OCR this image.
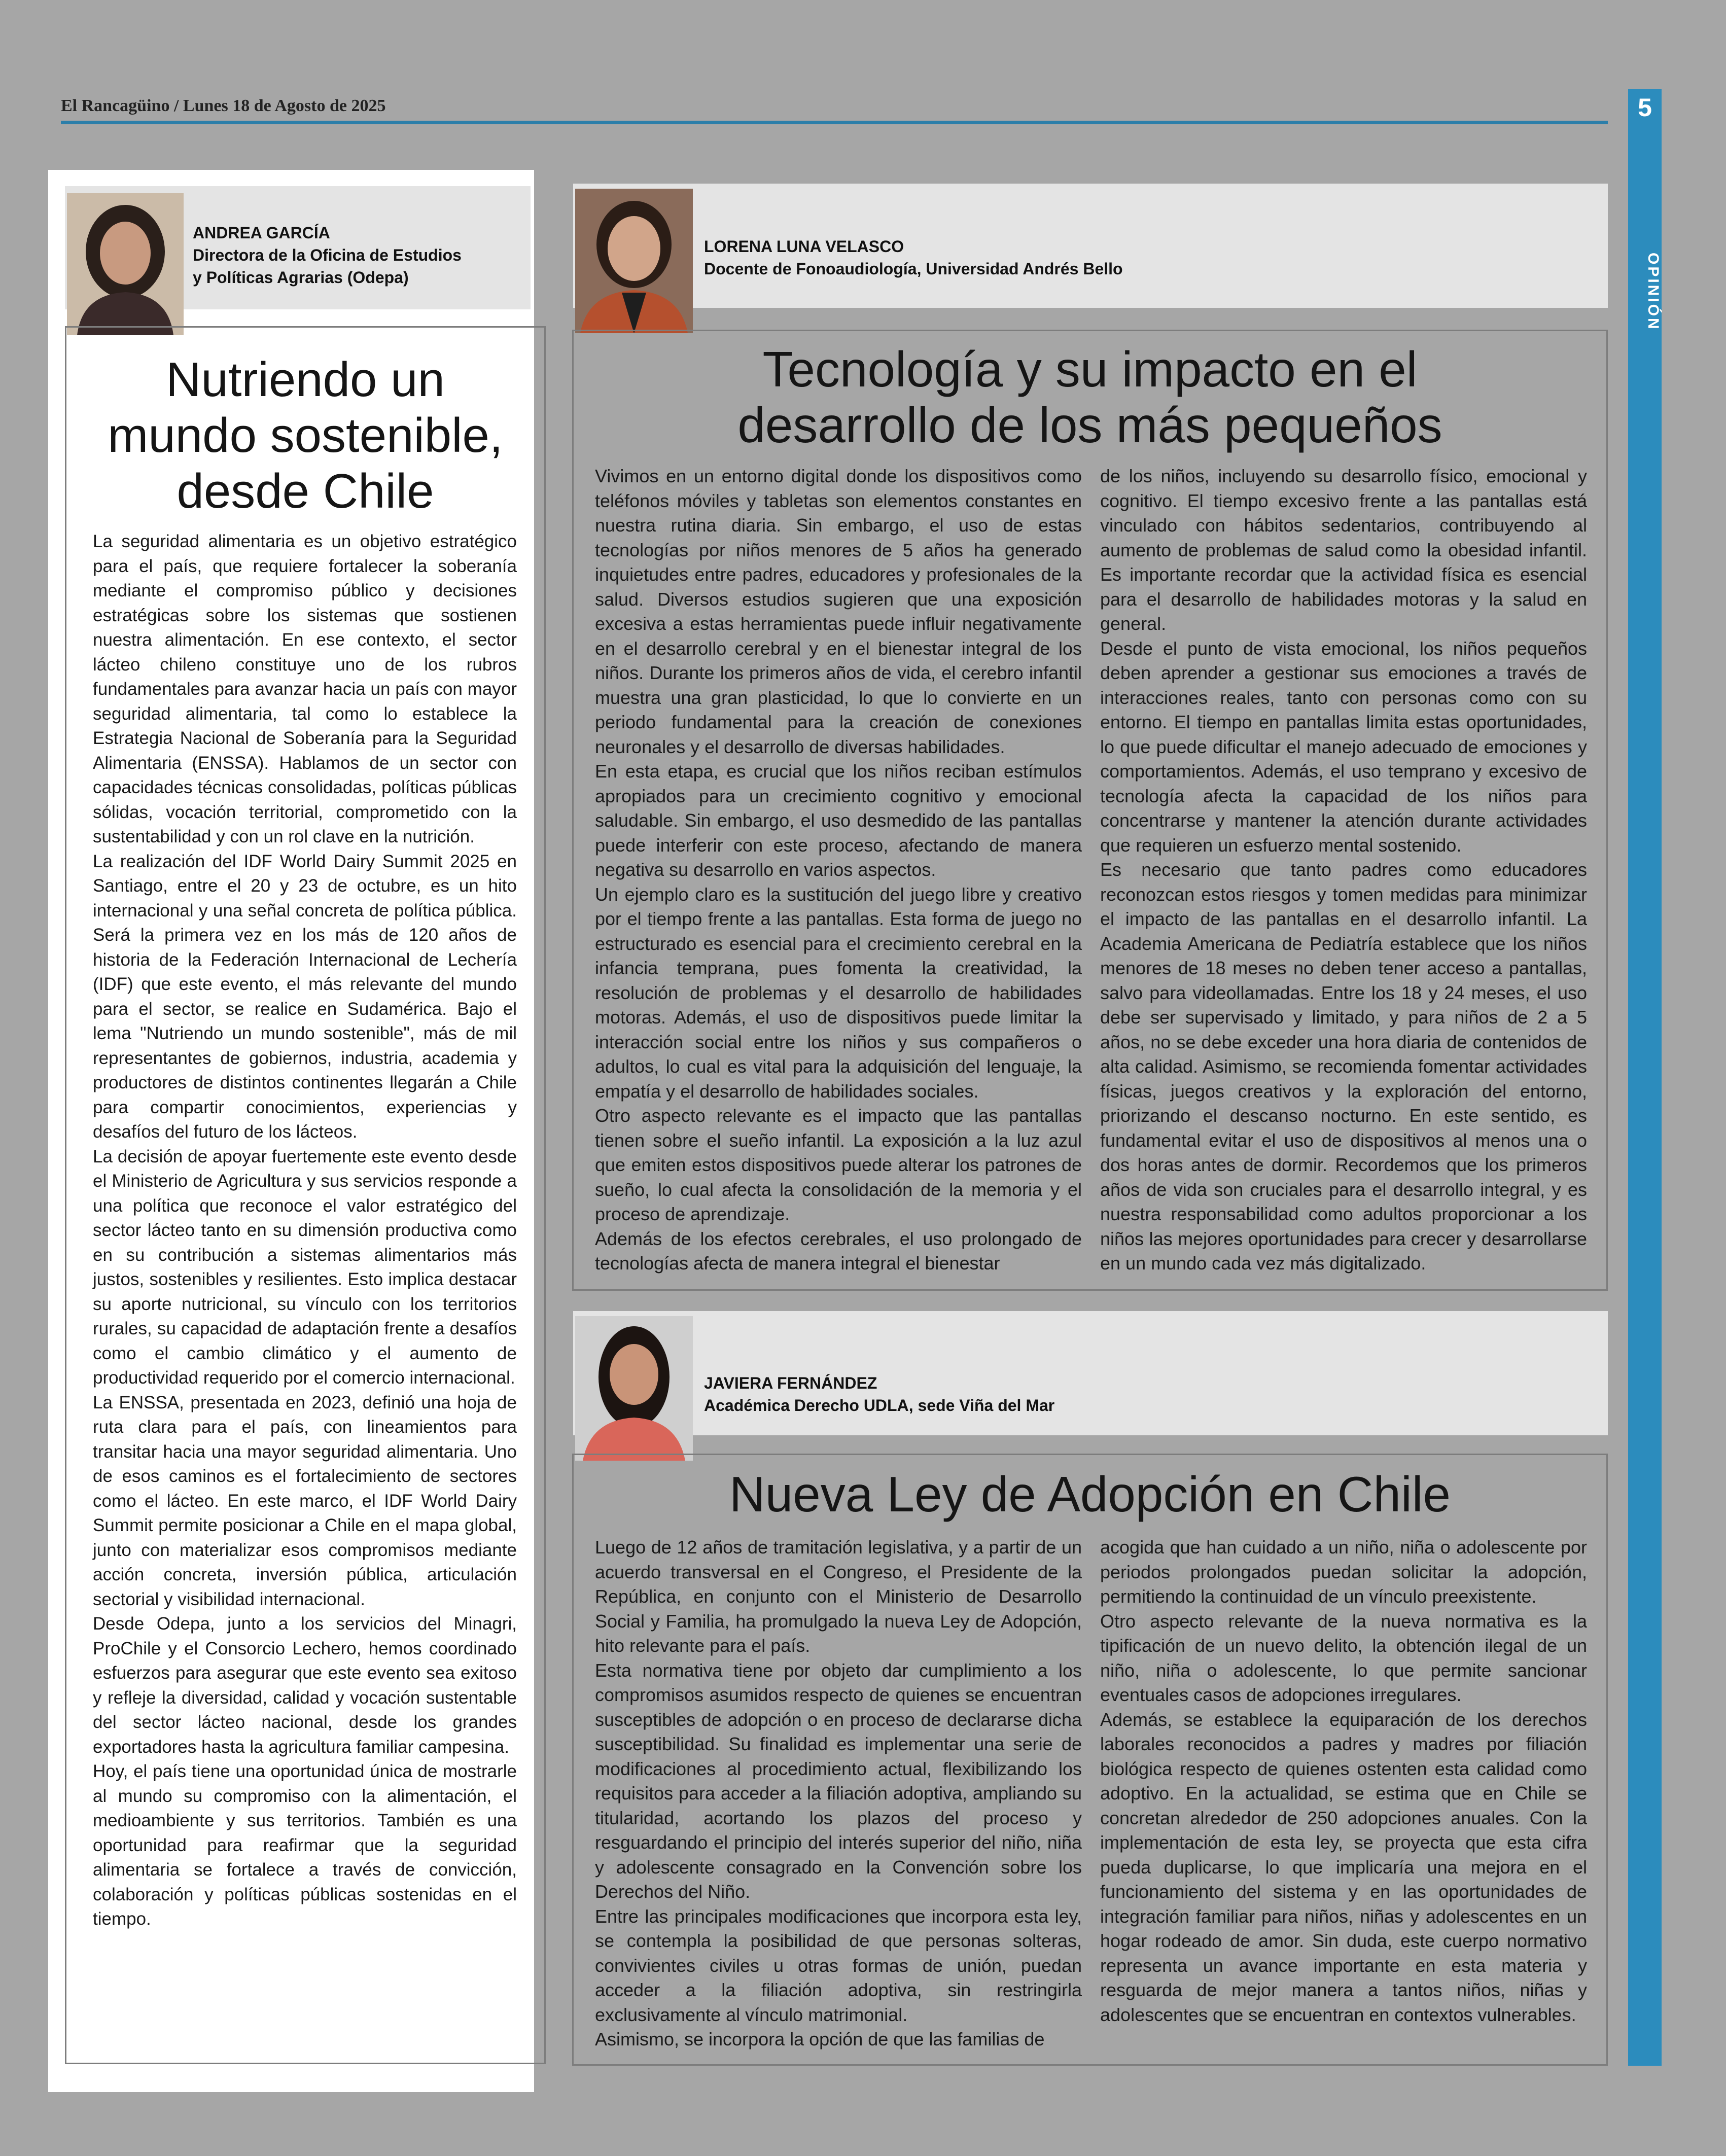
El Rancagüino / Lunes 18 de Agosto de 2025	5
OPINIÓN
ANDREA GARCÍA
Directora de la Oficina de Estudios
y Políticas Agrarias (Odepa)
Nutriendo un
mundo sostenible,
desde Chile

La seguridad alimentaria es un objetivo estratégico para el país, que requiere fortalecer la soberanía mediante el compromiso público y decisiones estratégicas sobre los sistemas que sostienen nuestra alimentación. En ese contexto, el sector lácteo chileno constituye uno de los rubros fundamentales para avanzar hacia un país con mayor seguridad alimentaria, tal como lo establece la Estrategia Nacional de Soberanía para la Seguridad Alimentaria (ENSSA). Hablamos de un sector con capacidades técnicas consolidadas, políticas públicas sólidas, vocación territorial, comprometido con la sustentabilidad y con un rol clave en la nutrición.

La realización del IDF World Dairy Summit 2025 en Santiago, entre el 20 y 23 de octubre, es un hito internacional y una señal concreta de política pública. Será la primera vez en los más de 120 años de historia de la Federación Internacional de Lechería (IDF) que este evento, el más relevante del mundo para el sector, se realice en Sudamérica. Bajo el lema "Nutriendo un mundo sostenible", más de mil representantes de gobiernos, industria, academia y productores de distintos continentes llegarán a Chile para compartir conocimientos, experiencias y desafíos del futuro de los lácteos.

La decisión de apoyar fuertemente este evento desde el Ministerio de Agricultura y sus servicios responde a una política que reconoce el valor estratégico del sector lácteo tanto en su dimensión productiva como en su contribución a sistemas alimentarios más justos, sostenibles y resilientes. Esto implica destacar su aporte nutricional, su vínculo con los territorios rurales, su capacidad de adaptación frente a desafíos como el cambio climático y el aumento de productividad requerido por el comercio internacional.

La ENSSA, presentada en 2023, definió una hoja de ruta clara para el país, con lineamientos para transitar hacia una mayor seguridad alimentaria. Uno de esos caminos es el fortalecimiento de sectores como el lácteo. En este marco, el IDF World Dairy Summit permite posicionar a Chile en el mapa global, junto con materializar esos compromisos mediante acción concreta, inversión pública, articulación sectorial y visibilidad internacional.

Desde Odepa, junto a los servicios del Minagri, ProChile y el Consorcio Lechero, hemos coordinado esfuerzos para asegurar que este evento sea exitoso y refleje la diversidad, calidad y vocación sustentable del sector lácteo nacional, desde los grandes exportadores hasta la agricultura familiar campesina.

Hoy, el país tiene una oportunidad única de mostrarle al mundo su compromiso con la alimentación, el medioambiente y sus territorios. También es una oportunidad para reafirmar que la seguridad alimentaria se fortalece a través de convicción, colaboración y políticas públicas sostenidas en el tiempo.

LORENA LUNA VELASCO
Docente de Fonoaudiología, Universidad Andrés Bello
Tecnología y su impacto en el
desarrollo de los más pequeños

Vivimos en un entorno digital donde los dispositivos como teléfonos móviles y tabletas son elementos constantes en nuestra rutina diaria. Sin embargo, el uso de estas tecnologías por niños menores de 5 años ha generado inquietudes entre padres, educadores y profesionales de la salud. Diversos estudios sugieren que una exposición excesiva a estas herramientas puede influir negativamente en el desarrollo cerebral y en el bienestar integral de los niños. Durante los primeros años de vida, el cerebro infantil muestra una gran plasticidad, lo que lo convierte en un periodo fundamental para la creación de conexiones neuronales y el desarrollo de diversas habilidades.

En esta etapa, es crucial que los niños reciban estímulos apropiados para un crecimiento cognitivo y emocional saludable. Sin embargo, el uso desmedido de las pantallas puede interferir con este proceso, afectando de manera negativa su desarrollo en varios aspectos.

Un ejemplo claro es la sustitución del juego libre y creativo por el tiempo frente a las pantallas. Esta forma de juego no estructurado es esencial para el crecimiento cerebral en la infancia temprana, pues fomenta la creatividad, la resolución de problemas y el desarrollo de habilidades motoras. Además, el uso de dispositivos puede limitar la interacción social entre los niños y sus compañeros o adultos, lo cual es vital para la adquisición del lenguaje, la empatía y el desarrollo de habilidades sociales.

Otro aspecto relevante es el impacto que las pantallas tienen sobre el sueño infantil. La exposición a la luz azul que emiten estos dispositivos puede alterar los patrones de sueño, lo cual afecta la consolidación de la memoria y el proceso de aprendizaje.

Además de los efectos cerebrales, el uso prolongado de tecnologías afecta de manera integral el bienestar

de los niños, incluyendo su desarrollo físico, emocional y cognitivo. El tiempo excesivo frente a las pantallas está vinculado con hábitos sedentarios, contribuyendo al aumento de problemas de salud como la obesidad infantil. Es importante recordar que la actividad física es esencial para el desarrollo de habilidades motoras y la salud en general.

Desde el punto de vista emocional, los niños pequeños deben aprender a gestionar sus emociones a través de interacciones reales, tanto con personas como con su entorno. El tiempo en pantallas limita estas oportunidades, lo que puede dificultar el manejo adecuado de emociones y comportamientos. Además, el uso temprano y excesivo de tecnología afecta la capacidad de los niños para concentrarse y mantener la atención durante actividades que requieren un esfuerzo mental sostenido.

Es necesario que tanto padres como educadores reconozcan estos riesgos y tomen medidas para minimizar el impacto de las pantallas en el desarrollo infantil. La Academia Americana de Pediatría establece que los niños menores de 18 meses no deben tener acceso a pantallas, salvo para videollamadas. Entre los 18 y 24 meses, el uso debe ser supervisado y limitado, y para niños de 2 a 5 años, no se debe exceder una hora diaria de contenidos de alta calidad. Asimismo, se recomienda fomentar actividades físicas, juegos creativos y la exploración del entorno, priorizando el descanso nocturno. En este sentido, es fundamental evitar el uso de dispositivos al menos una o dos horas antes de dormir. Recordemos que los primeros años de vida son cruciales para el desarrollo integral, y es nuestra responsabilidad como adultos proporcionar a los niños las mejores oportunidades para crecer y desarrollarse en un mundo cada vez más digitalizado.

JAVIERA FERNÁNDEZ
Académica Derecho UDLA, sede Viña del Mar
Nueva Ley de Adopción en Chile

Luego de 12 años de tramitación legislativa, y a partir de un acuerdo transversal en el Congreso, el Presidente de la República, en conjunto con el Ministerio de Desarrollo Social y Familia, ha promulgado la nueva Ley de Adopción, hito relevante para el país.

Esta normativa tiene por objeto dar cumplimiento a los compromisos asumidos respecto de quienes se encuentran susceptibles de adopción o en proceso de declararse dicha susceptibilidad. Su finalidad es implementar una serie de modificaciones al procedimiento actual, flexibilizando los requisitos para acceder a la filiación adoptiva, ampliando su titularidad, acortando los plazos del proceso y resguardando el principio del interés superior del niño, niña y adolescente consagrado en la Convención sobre los Derechos del Niño.

Entre las principales modificaciones que incorpora esta ley, se contempla la posibilidad de que personas solteras, convivientes civiles u otras formas de unión, puedan acceder a la filiación adoptiva, sin restringirla exclusivamente al vínculo matrimonial.

Asimismo, se incorpora la opción de que las familias de

acogida que han cuidado a un niño, niña o adolescente por periodos prolongados puedan solicitar la adopción, permitiendo la continuidad de un vínculo preexistente.

Otro aspecto relevante de la nueva normativa es la tipificación de un nuevo delito, la obtención ilegal de un niño, niña o adolescente, lo que permite sancionar eventuales casos de adopciones irregulares.

Además, se establece la equiparación de los derechos laborales reconocidos a padres y madres por filiación biológica respecto de quienes ostenten esta calidad como adoptivo. En la actualidad, se estima que en Chile se concretan alrededor de 250 adopciones anuales. Con la implementación de esta ley, se proyecta que esta cifra pueda duplicarse, lo que implicaría una mejora en el funcionamiento del sistema y en las oportunidades de integración familiar para niños, niñas y adolescentes en un hogar rodeado de amor. Sin duda, este cuerpo normativo representa un avance importante en esta materia y resguarda de mejor manera a tantos niños, niñas y adolescentes que se encuentran en contextos vulnerables.
